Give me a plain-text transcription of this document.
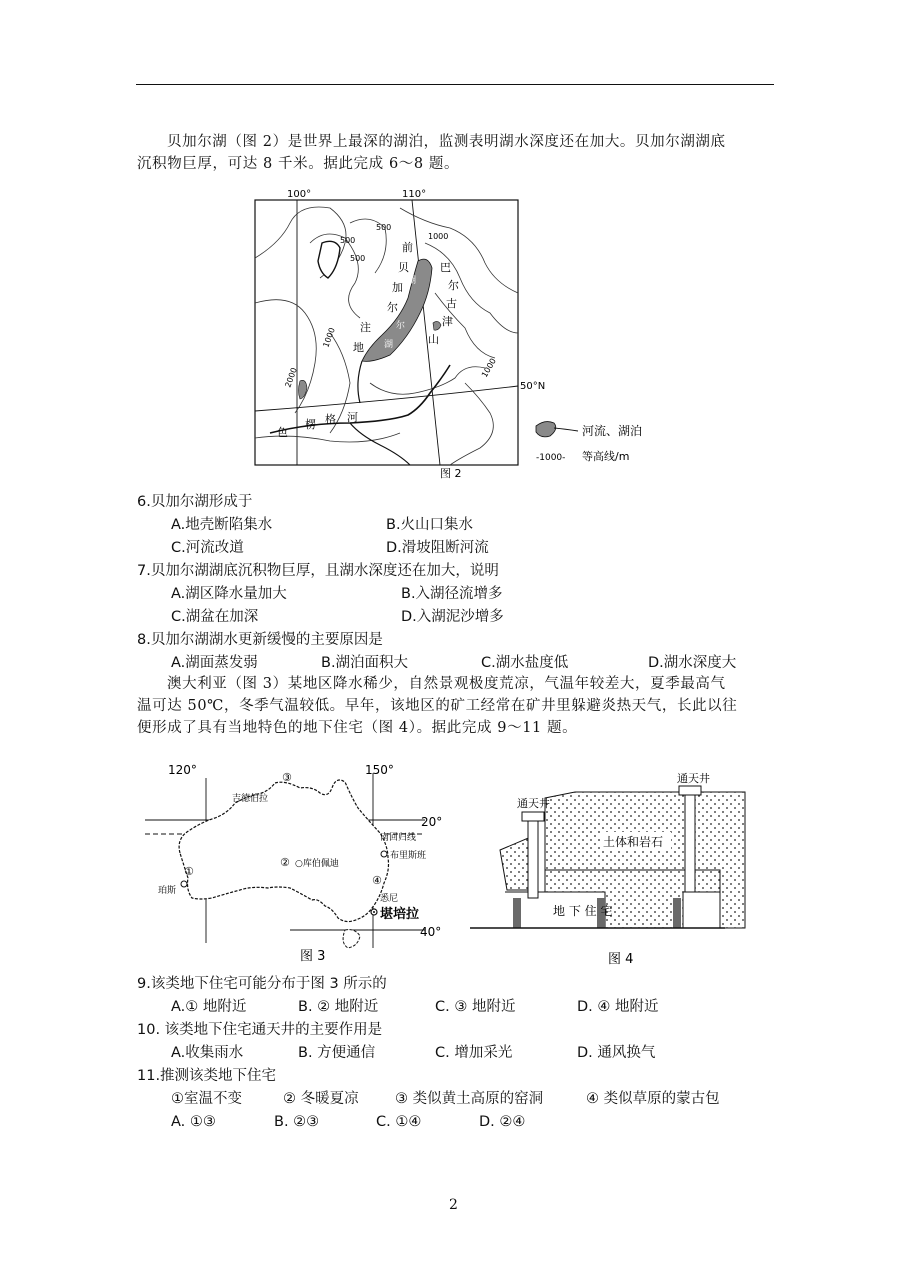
贝加尔湖（图 2）是世界上最深的湖泊，监测表明湖水深度还在加大。贝加尔湖湖底
沉积物巨厚，可达 8 千米。据此完成 6～8 题。
100°	110°
50°N
500
500
500
1000
1000
2000	1000
前
贝
加
尔
湖
巴
尔
古
津
山
色
楞 格 河
注
地
尔
湖
河流、湖泊
-1000- 等高线/m
图 2
6.贝加尔湖形成于
A.地壳断陷集水	B.火山口集水
C.河流改道	D.滑坡阻断河流
7.贝加尔湖湖底沉积物巨厚，且湖水深度还在加大，说明
A.湖区降水量加大	B.入湖径流增多
C.湖盆在加深	D.入湖泥沙增多
8.贝加尔湖湖水更新缓慢的主要原因是
A.湖面蒸发弱	B.湖泊面积大	C.湖水盐度低	D.湖水深度大
澳大利亚（图 3）某地区降水稀少，自然景观极度荒凉，气温年较差大，夏季最高气
温可达 50℃，冬季气温较低。早年，该地区的矿工经常在矿井里躲避炎热天气，长此以往
便形成了具有当地特色的地下住宅（图 4）。据此完成 9～11 题。
120°	150°
20°
40°
③
吉德伯拉
南回归线
布里斯班
② ○库伯佩迪
①
珀斯
④
悉尼
堪培拉
图 3
通天井
通天井
土体和岩石
地 下 住 宅
图 4
9.该类地下住宅可能分布于图 3 所示的
A.① 地附近	B. ② 地附近	C. ③ 地附近	D. ④ 地附近
10. 该类地下住宅通天井的主要作用是
A.收集雨水	B. 方便通信	C. 增加采光	D. 通风换气
11.推测该类地下住宅
①室温不变	② 冬暖夏凉	③ 类似黄土高原的窑洞	④ 类似草原的蒙古包
A. ①③	B. ②③	C. ①④	D. ②④
2
